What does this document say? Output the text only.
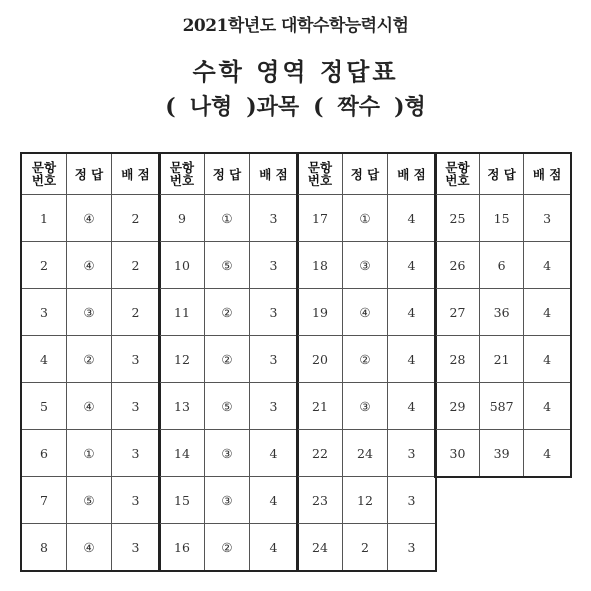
2021학년도 대학수학능력시험
수학 영역 정답표
( 나형 )과목 ( 짝수 )형
문항
번호	정 답	배 점
1	④	2
2	④	2
3	③	2
4	②	3
5	④	3
6	①	3
7	⑤	3
8	④	3
문항
번호	정 답	배 점
9	①	3
10	⑤	3
11	②	3
12	②	3
13	⑤	3
14	③	4
15	③	4
16	②	4
문항
번호	정 답	배 점
17	①	4
18	③	4
19	④	4
20	②	4
21	③	4
22	24	3
23	12	3
24	2	3
문항
번호	정 답	배 점
25	15	3
26	6	4
27	36	4
28	21	4
29	587	4
30	39	4
